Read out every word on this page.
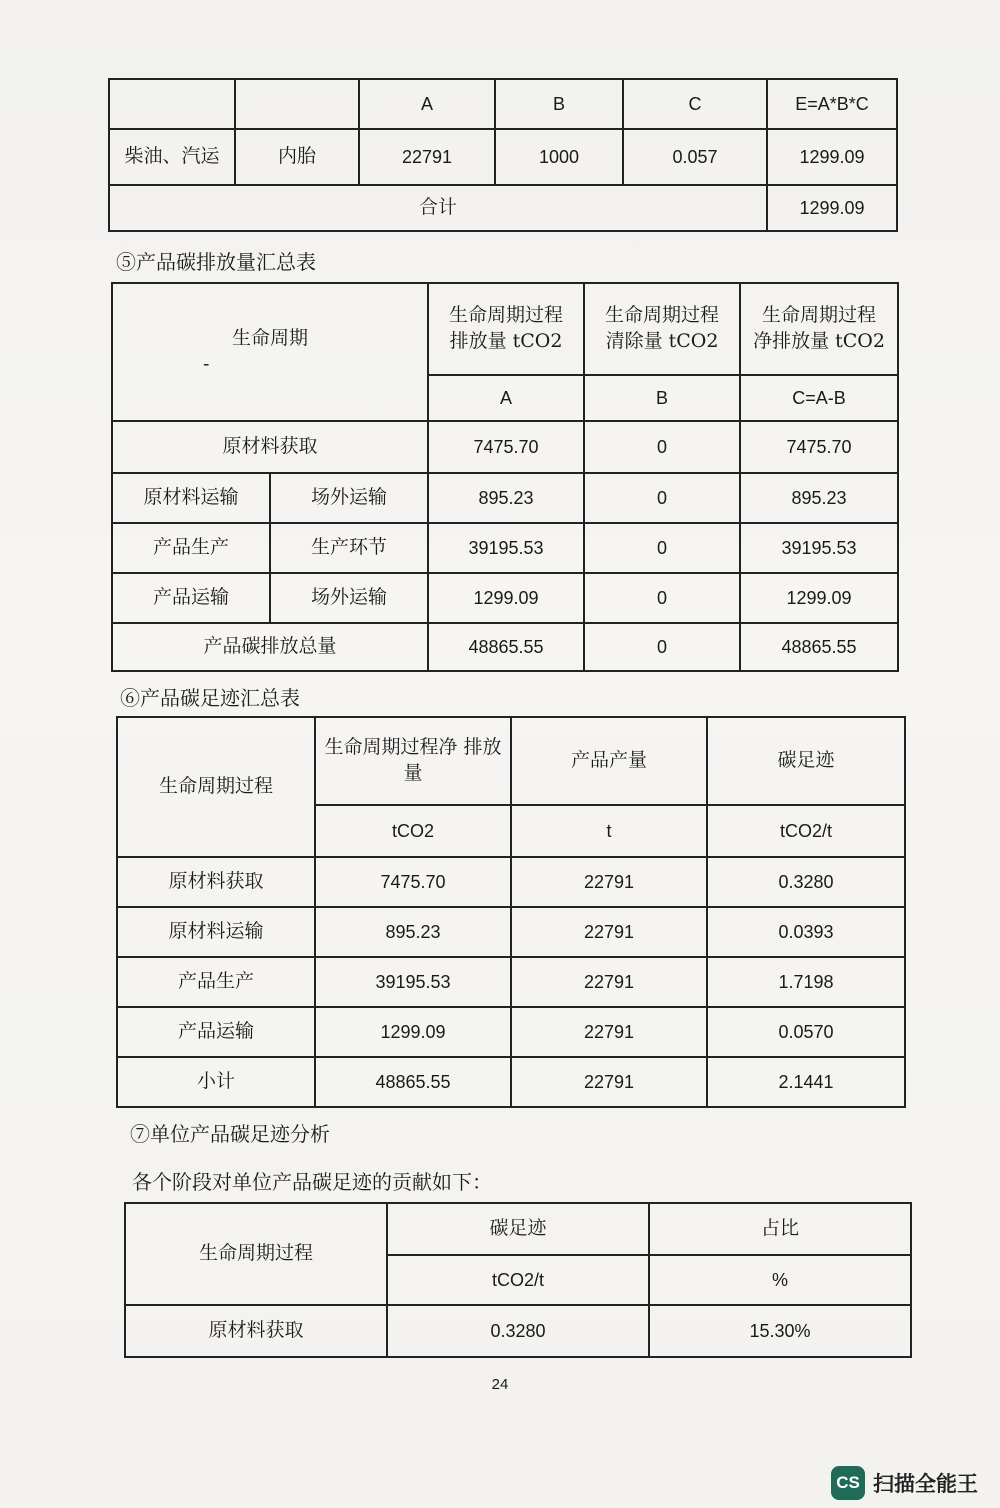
		A	B	C	E=A*B*C
柴油、汽运	内胎	22791	1000	0.057	1299.09
合计					1299.09
⑤产品碳排放量汇总表
生命周期
-		生命周期过程排放量 tCO2	生命周期过程清除量 tCO2	生命周期过程净排放量 tCO2
		A	B	C=A-B
原材料获取		7475.70	0	7475.70
原材料运输	场外运输	895.23	0	895.23
产品生产	生产环节	39195.53	0	39195.53
产品运输	场外运输	1299.09	0	1299.09
产品碳排放总量		48865.55	0	48865.55
⑥产品碳足迹汇总表
生命周期过程	生命周期过程净 排放量	产品产量	碳足迹
	tCO2	t	tCO2/t
原材料获取	7475.70	22791	0.3280
原材料运输	895.23	22791	0.0393
产品生产	39195.53	22791	1.7198
产品运输	1299.09	22791	0.0570
小计	48865.55	22791	2.1441
⑦单位产品碳足迹分析
各个阶段对单位产品碳足迹的贡献如下：
生命周期过程	碳足迹	占比
	tCO2/t	%
原材料获取	0.3280	15.30%
24
CS 扫描全能王
